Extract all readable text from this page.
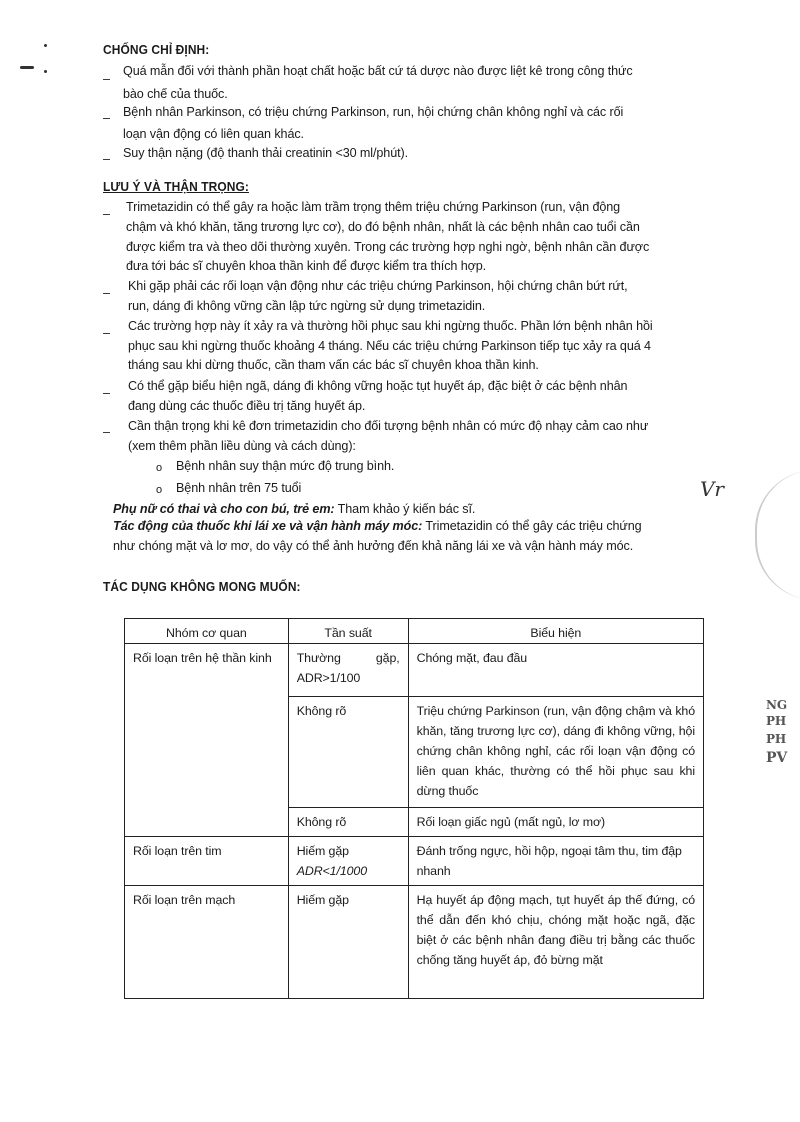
CHỐNG CHỈ ĐỊNH:
–
Quá mẫn đối với thành phần hoạt chất hoặc bất cứ tá dược nào được liệt kê trong công thức
bào chế của thuốc.
– Bệnh nhân Parkinson, có triệu chứng Parkinson, run, hội chứng chân không nghỉ và các rối
loạn vận động có liên quan khác.
– Suy thận nặng (độ thanh thải creatinin <30 ml/phút).
LƯU Ý VÀ THẬN TRỌNG:
– Trimetazidin có thể gây ra hoặc làm trầm trọng thêm triệu chứng Parkinson (run, vận động
chậm và khó khăn, tăng trương lực cơ), do đó bệnh nhân, nhất là các bệnh nhân cao tuổi cần
được kiểm tra và theo dõi thường xuyên. Trong các trường hợp nghi ngờ, bệnh nhân cần được
đưa tới bác sĩ chuyên khoa thần kinh để được kiểm tra thích hợp.
– Khi gặp phải các rối loạn vận động như các triệu chứng Parkinson, hội chứng chân bứt rứt,
run, dáng đi không vững cần lập tức ngừng sử dụng trimetazidin.
– Các trường hợp này ít xảy ra và thường hồi phục sau khi ngừng thuốc. Phần lớn bệnh nhân hồi
phục sau khi ngừng thuốc khoảng 4 tháng. Nếu các triệu chứng Parkinson tiếp tục xảy ra quá 4
tháng sau khi dừng thuốc, cần tham vấn các bác sĩ chuyên khoa thần kinh.
– Có thể gặp biểu hiện ngã, dáng đi không vững hoặc tụt huyết áp, đặc biệt ở các bệnh nhân
đang dùng các thuốc điều trị tăng huyết áp.
– Cần thận trọng khi kê đơn trimetazidin cho đối tượng bệnh nhân có mức độ nhạy cảm cao như
(xem thêm phần liều dùng và cách dùng):
o Bệnh nhân suy thận mức độ trung bình.
o Bệnh nhân trên 75 tuổi	Vr
Phụ nữ có thai và cho con bú, trẻ em: Tham khảo ý kiến bác sĩ.
Tác động của thuốc khi lái xe và vận hành máy móc: Trimetazidin có thể gây các triệu chứng
như chóng mặt và lơ mơ, do vậy có thể ảnh hưởng đến khả năng lái xe và vận hành máy móc.
TÁC DỤNG KHÔNG MONG MUỐN:
Nhóm cơ quan	Tần suất	Biểu hiện
Rối loạn trên hệ thần kinh	Thường gặp,
ADR>1/100	Chóng mặt, đau đầu
	Không rõ	Triệu chứng Parkinson (run, vận động chậm và khó khăn, tăng trương lực cơ), dáng đi không vững, hội chứng chân không nghỉ, các rối loạn vận động có liên quan khác, thường có thể hồi phục sau khi dừng thuốc
	Không rõ	Rối loạn giấc ngủ (mất ngủ, lơ mơ)
Rối loạn trên tim	Hiếm gặp
ADR<1/1000	Đánh trống ngực, hồi hộp, ngoại tâm thu, tim đập nhanh
Rối loạn trên mạch	Hiếm gặp	Hạ huyết áp động mạch, tụt huyết áp thế đứng, có thể dẫn đến khó chịu, chóng mặt hoặc ngã, đặc biệt ở các bệnh nhân đang điều trị bằng các thuốc chống tăng huyết áp, đỏ bừng mặt
NG
PH
PH
PV
